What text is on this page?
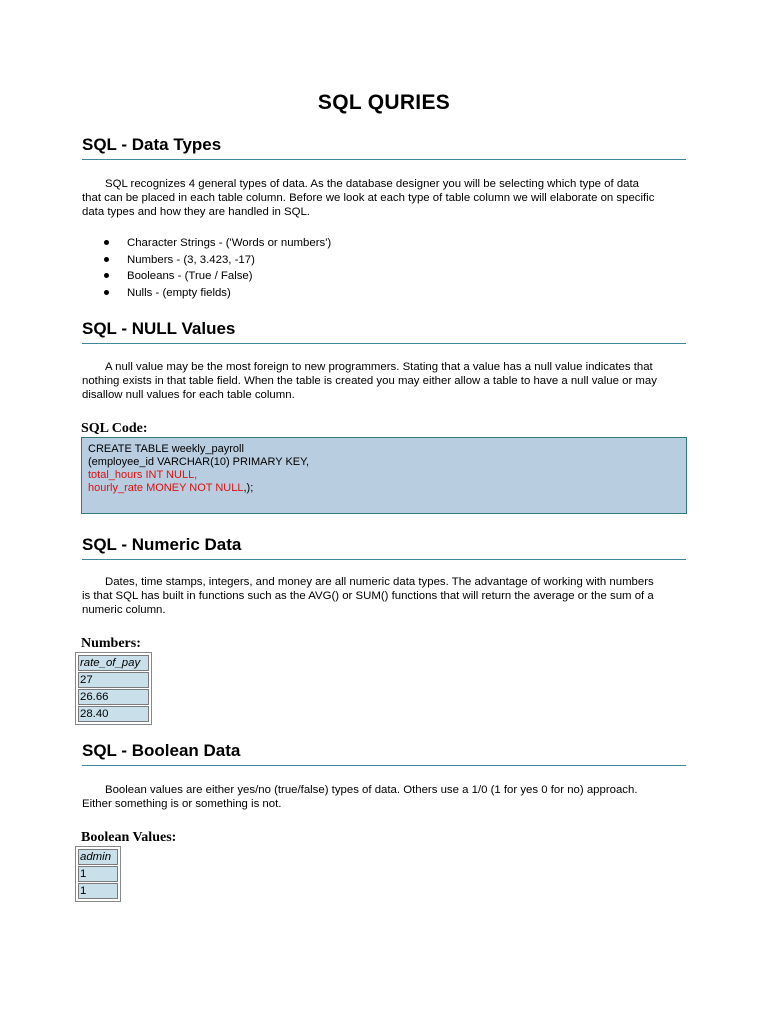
SQL QURIES
SQL - Data Types
SQL recognizes 4 general types of data. As the database designer you will be selecting which type of data
that can be placed in each table column. Before we look at each type of table column we will elaborate on specific
data types and how they are handled in SQL.
Character Strings - ('Words or numbers')
Numbers - (3, 3.423, -17)
Booleans - (True / False)
Nulls - (empty fields)
SQL - NULL Values
A null value may be the most foreign to new programmers. Stating that a value has a null value indicates that
nothing exists in that table field. When the table is created you may either allow a table to have a null value or may
disallow null values for each table column.
SQL Code:
CREATE TABLE weekly_payroll
(employee_id VARCHAR(10) PRIMARY KEY,
total_hours INT NULL,
hourly_rate MONEY NOT NULL,);
SQL - Numeric Data
Dates, time stamps, integers, and money are all numeric data types. The advantage of working with numbers
is that SQL has built in functions such as the AVG() or SUM() functions that will return the average or the sum of a
numeric column.
Numbers:
rate_of_pay
27
26.66
28.40
SQL - Boolean Data
Boolean values are either yes/no (true/false) types of data. Others use a 1/0 (1 for yes 0 for no) approach.
Either something is or something is not.
Boolean Values:
admin
1
1
